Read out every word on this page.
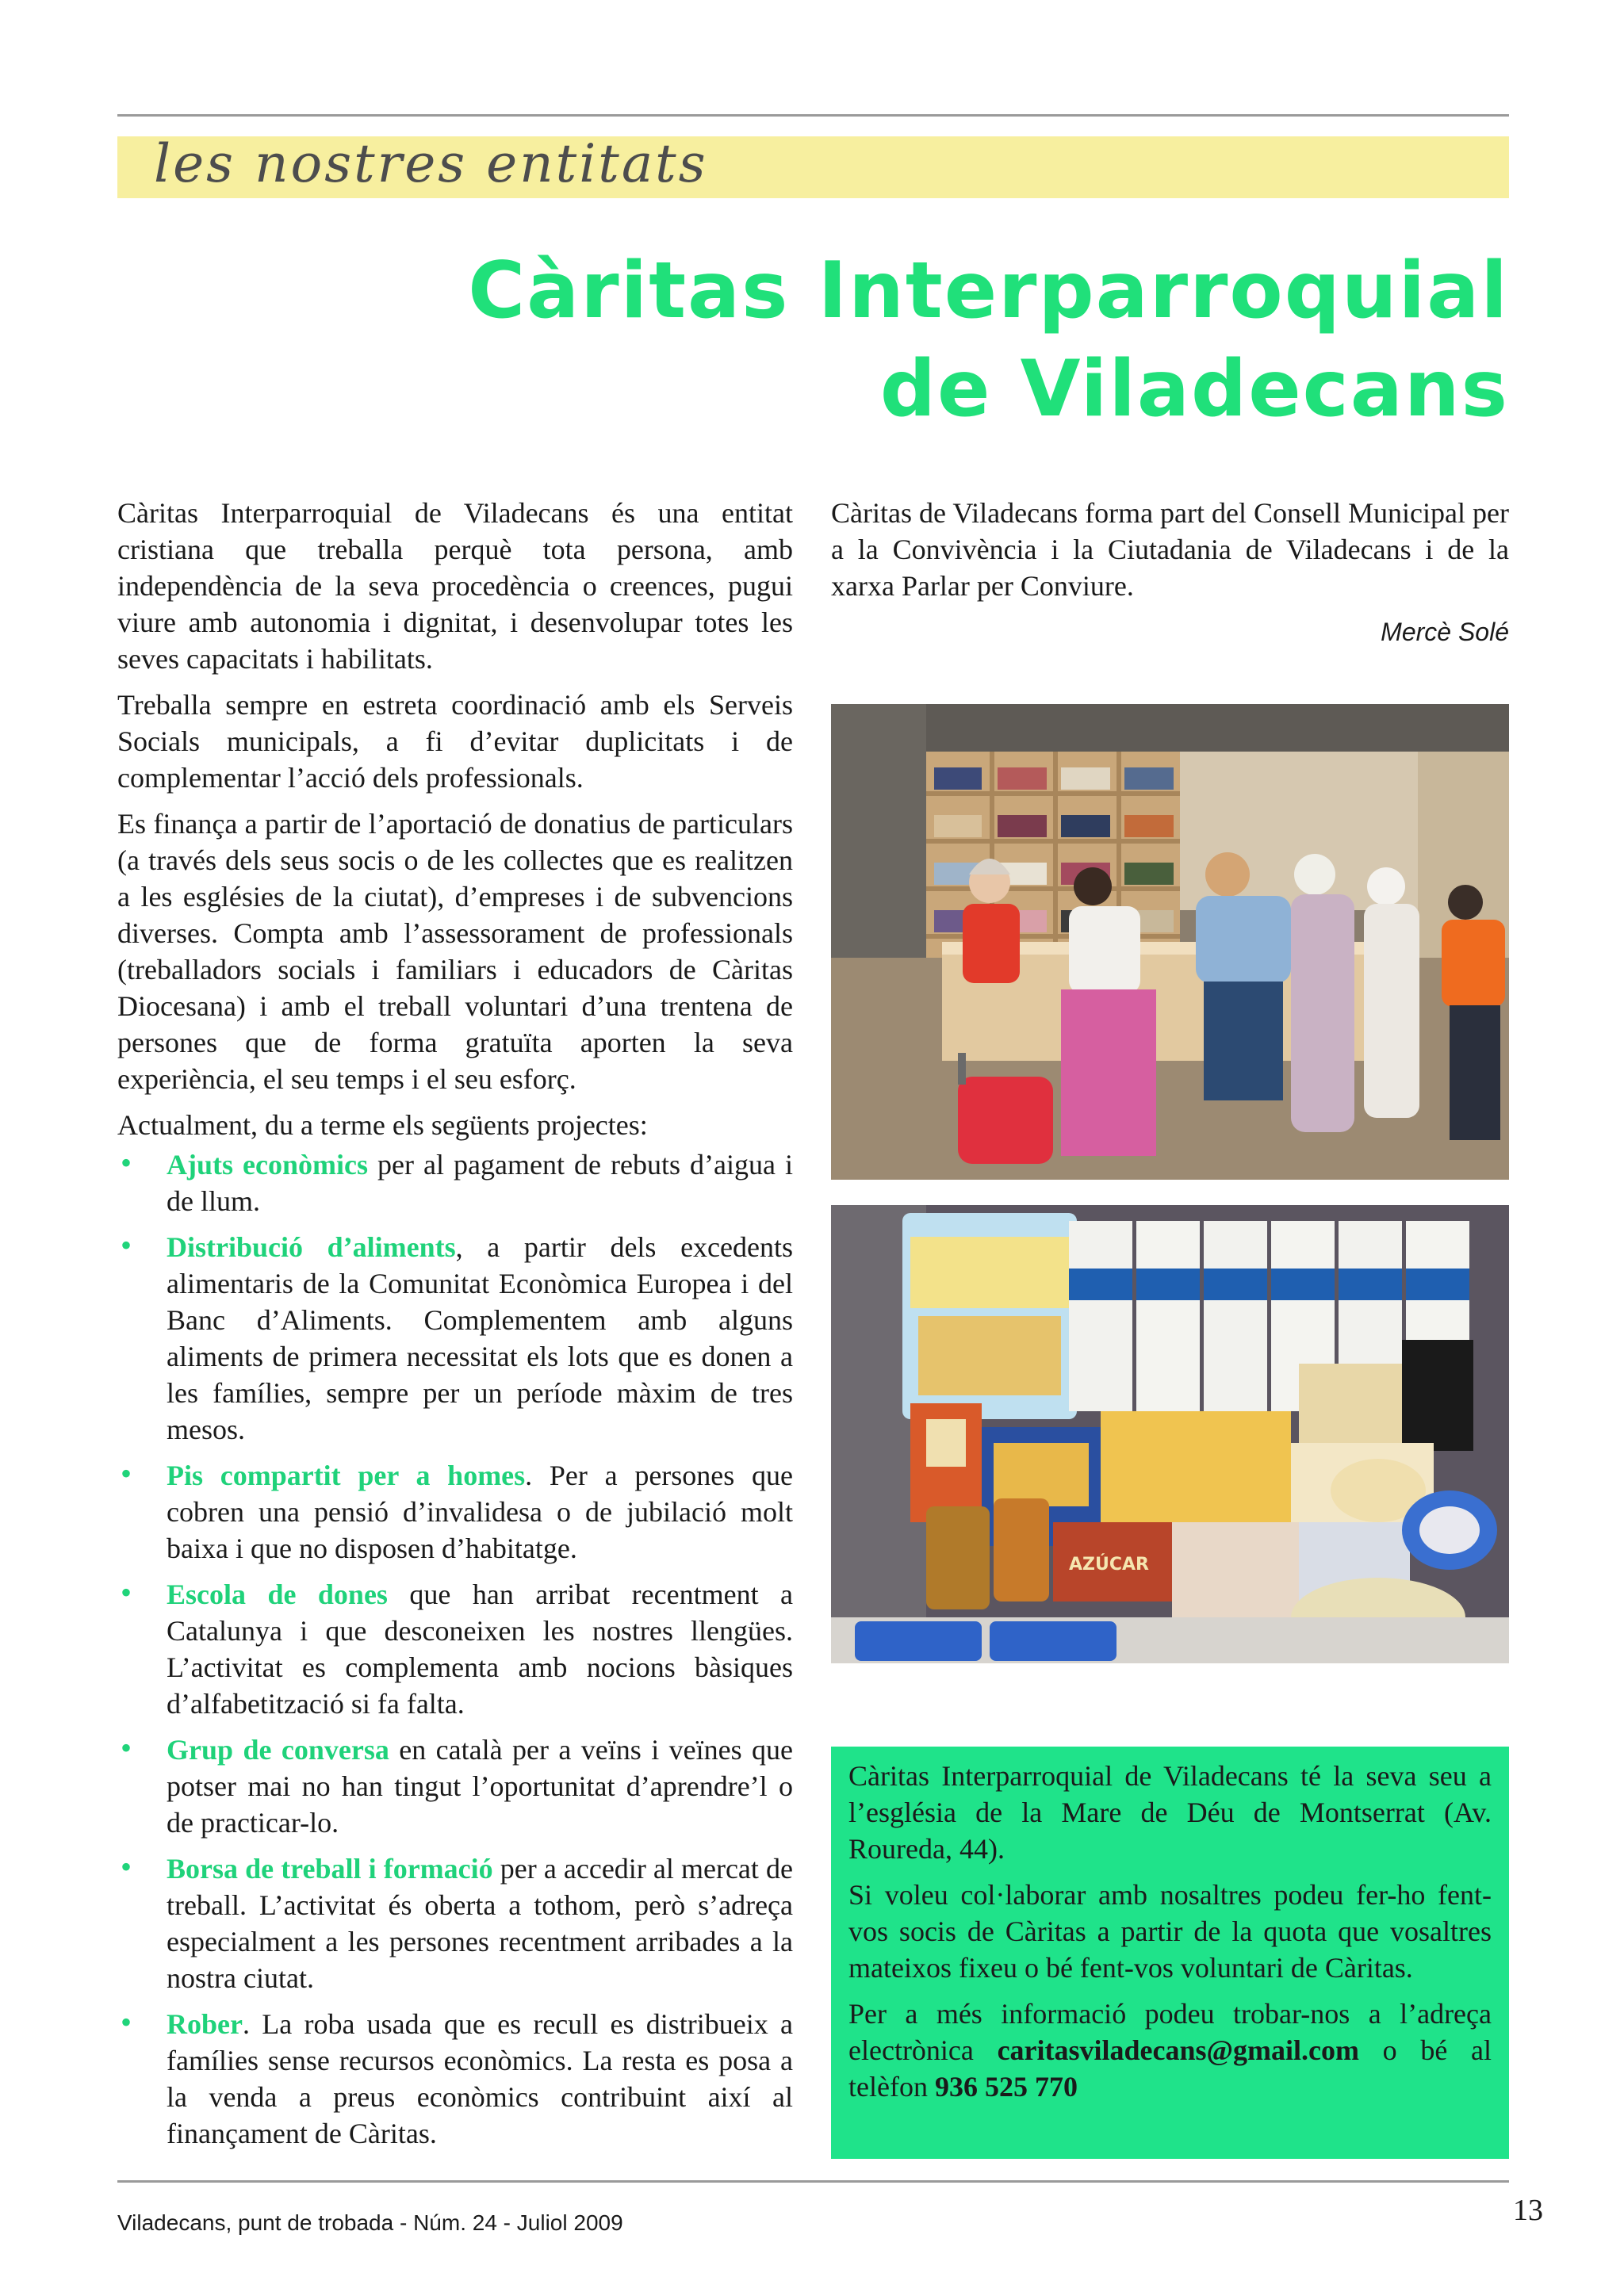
les nostres entitats
Càritas Interparroquial
de Viladecans

Càritas Interparroquial de Viladecans és una entitat cristiana que treballa perquè tota persona, amb independència de la seva procedència o creences, pugui viure amb autonomia i dignitat, i desenvolupar totes les seves capacitats i habilitats.

Treballa sempre en estreta coordinació amb els Serveis Socials municipals, a fi d’evitar duplicitats i de complementar l’acció dels professionals.

Es finança a partir de l’aportació de donatius de particulars (a través dels seus socis o de les collectes que es realitzen a les esglésies de la ciutat), d’empreses i de subvencions diverses. Compta amb l’assessorament de professionals (treballadors socials i familiars i educadors de Càritas Diocesana) i amb el treball voluntari d’una trentena de persones que de forma gratuïta aporten la seva experiència, el seu temps i el seu esforç.

Actualment, du a terme els següents projectes:

• Ajuts econòmics per al pagament de rebuts d’aigua i de llum.
• Distribució d’aliments, a partir dels excedents alimentaris de la Comunitat Econòmica Europea i del Banc d’Aliments. Complementem amb alguns aliments de primera necessitat els lots que es donen a les famílies, sempre per un període màxim de tres mesos.
• Pis compartit per a homes. Per a persones que cobren una pensió d’invalidesa o de jubilació molt baixa i que no disposen d’habitatge.
• Escola de dones que han arribat recentment a Catalunya i que desconeixen les nostres llengües. L’activitat es complementa amb nocions bàsiques d’alfabetització si fa falta.
• Grup de conversa en català per a veïns i veïnes que potser mai no han tingut l’oportunitat d’aprendre’l o de practicar-lo.
• Borsa de treball i formació per a accedir al mercat de treball. L’activitat és oberta a tothom, però s’adreça especialment a les persones recentment arribades a la nostra ciutat.
• Rober. La roba usada que es recull es distribueix a famílies sense recursos econòmics. La resta es posa a la venda a preus econòmics contribuint així al finançament de Càritas.

Càritas de Viladecans forma part del Consell Municipal per a la Convivència i la Ciutadania de Viladecans i de la xarxa Parlar per Conviure.

Mercè Solé
AZÚCAR

Càritas Interparroquial de Viladecans té la seva seu a l’església de la Mare de Déu de Montserrat (Av. Roureda, 44).

Si voleu col·laborar amb nosaltres podeu fer-ho fent-vos socis de Càritas a partir de la quota que vosaltres mateixos fixeu o bé fent-vos voluntari de Càritas.

Per a més informació podeu trobar-nos a l’adreça electrònica caritasviladecans@gmail.com o bé al telèfon 936 525 770

Viladecans, punt de trobada - Núm. 24 - Juliol 2009	13
